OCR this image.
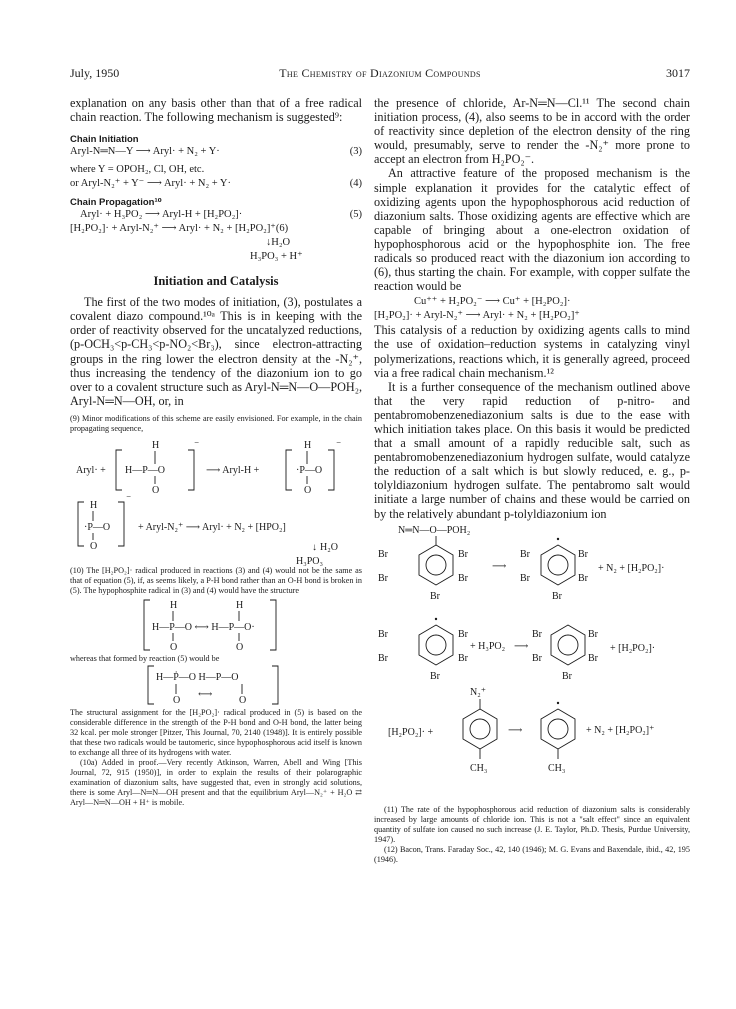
July, 1950	The Chemistry of Diazonium Compounds	3017

explanation on any basis other than that of a free radical chain reaction. The following mechanism is suggested⁹:

Chain Initiation
Aryl-N═N—Y ⟶ Aryl· + N₂ + Y·	(3)
where Y = OPOH₂, Cl, OH, etc.
or Aryl-N₂⁺ + Y⁻ ⟶ Aryl· + N₂ + Y·	(4)
Chain Propagation¹⁰
Aryl· + H₃PO₂ ⟶ Aryl-H + [H₂PO₂]·	(5)
[H₂PO₂]· + Aryl-N₂⁺ ⟶ Aryl· + N₂ + [H₂PO₂]⁺(6)
↓H₂O
H₃PO₃ + H⁺
Initiation and Catalysis

The first of the two modes of initiation, (3), postulates a covalent diazo compound.¹⁰ᵃ This is in keeping with the order of reactivity observed for the uncatalyzed reductions, (p-OCH₃<p-CH₃<p-NO₂<Br₃), since electron-attracting groups in the ring lower the electron density at the -N₂⁺, thus increasing the tendency of the diazonium ion to go over to a covalent structure such as Aryl-N═N—O—POH₂, Aryl-N═N—OH, or, in

(9) Minor modifications of this scheme are easily envisioned. For example, in the chain propagating sequence,

Aryl· +
H
H—P—O
O
⁻
⟶ Aryl-H +
H
·P—O
O
⁻
H
·P—O
O
⁻
+ Aryl-N₂⁺ ⟶ Aryl· + N₂ + [HPO₂]
↓ H₂O
H₃PO₃

(10) The [H₂PO₂]· radical produced in reactions (3) and (4) would not be the same as that of equation (5), if, as seems likely, a P-H bond rather than an O-H bond is broken in (5). The hypophosphite radical in (3) and (4) would have the structure

H	H
H—P—O ⟷ H—P—O·
O	O

whereas that formed by reaction (5) would be

H—Ṗ—O H—P—O
O
⟷
O

The structural assignment for the [H₂PO₂]· radical produced in (5) is based on the considerable difference in the strength of the P-H bond and O-H bond, the latter being 32 kcal. per mole stronger [Pitzer, This Journal, 70, 2140 (1948)]. It is entirely possible that these two radicals would be tautomeric, since hypophosphorous acid itself is known to exchange all three of its hydrogens with water.

(10a) Added in proof.—Very recently Atkinson, Warren, Abell and Wing [This Journal, 72, 915 (1950)], in order to explain the results of their polarographic examination of diazonium salts, have suggested that, even in strongly acid solutions, there is some Aryl—N═N—OH present and that the equilibrium Aryl—N₂⁺ + H₂O ⇄ Aryl—N═N—OH + H⁺ is mobile.

the presence of chloride, Ar-N═N—Cl.¹¹ The second chain initiation process, (4), also seems to be in accord with the order of reactivity since depletion of the electron density of the ring would, presumably, serve to render the -N₂⁺ more prone to accept an electron from H₂PO₂⁻.

An attractive feature of the proposed mechanism is the simple explanation it provides for the catalytic effect of oxidizing agents upon the hypophosphorous acid reduction of diazonium salts. Those oxidizing agents are effective which are capable of bringing about a one-electron oxidation of hypophosphorous acid or the hypophosphite ion. The free radicals so produced react with the diazonium ion according to (6), thus starting the chain. For example, with copper sulfate the reaction would be

Cu⁺⁺ + H₂PO₂⁻ ⟶ Cu⁺ + [H₂PO₂]·
[H₂PO₂]· + Aryl-N₂⁺ ⟶ Aryl· + N₂ + [H₂PO₂]⁺

This catalysis of a reduction by oxidizing agents calls to mind the use of oxidation–reduction systems in catalyzing vinyl polymerizations, reactions which, it is generally agreed, proceed via a free radical chain mechanism.¹²

It is a further consequence of the mechanism outlined above that the very rapid reduction of p-nitro- and pentabromobenzenediazonium salts is due to the ease with which initiation takes place. On this basis it would be predicted that a small amount of a rapidly reducible salt, such as pentabromobenzenediazonium hydrogen sulfate, would catalyze the reduction of a salt which is but slowly reduced, e. g., p-tolyldiazonium hydrogen sulfate. The pentabromo salt would initiate a large number of chains and these would be carried on by the relatively abundant p-tolyldiazonium ion

N═N—O—POH₂
Br	Br
Br	Br
Br
⟶
Br	Br
Br	Br
Br
+ N₂ + [H₂PO₂]·
Br	Br
Br	Br
Br
+ H₃PO₂ ⟶
Br	Br
Br	Br
Br
+ [H₂PO₂]·
N₂⁺
[H₂PO₂]· +
CH₃
⟶
CH₃
+ N₂ + [H₂PO₂]⁺

(11) The rate of the hypophosphorous acid reduction of diazonium salts is considerably increased by large amounts of chloride ion. This is not a "salt effect" since an equivalent quantity of sulfate ion caused no such increase (J. E. Taylor, Ph.D. Thesis, Purdue University, 1947).

(12) Bacon, Trans. Faraday Soc., 42, 140 (1946); M. G. Evans and Baxendale, ibid., 42, 195 (1946).
